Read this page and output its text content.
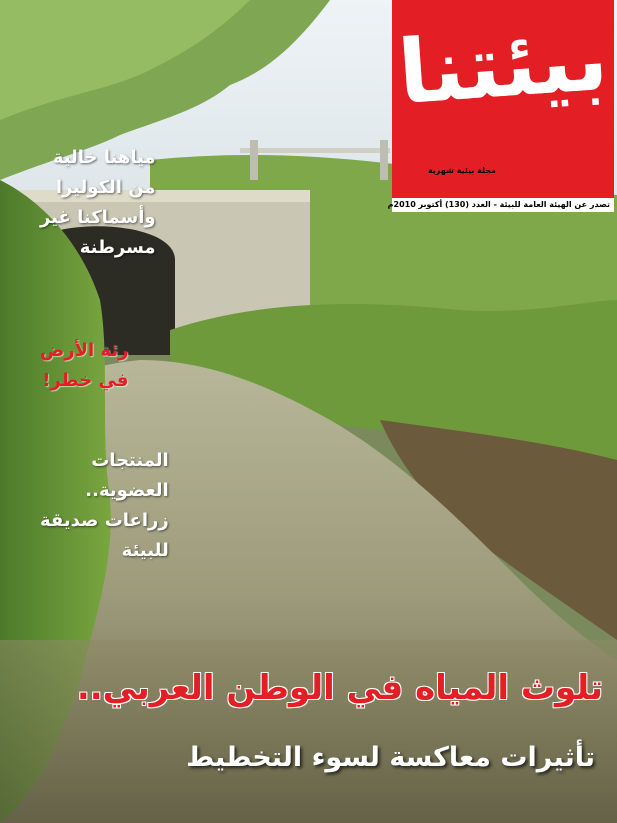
بيئتنا
مجلة بيئية شهرية
تصدر عن الهيئة العامة للبيئة - العدد (130) أكتوبر 2010م
مياهنا خالية
من الكوليرا
وأسماكنا غير
مسرطنة
رئة الأرض
في خطر!
المنتجات
العضوية..
زراعات صديقة
للبيئة
تلوث المياه في الوطن العربي..
تأثيرات معاكسة لسوء التخطيط
